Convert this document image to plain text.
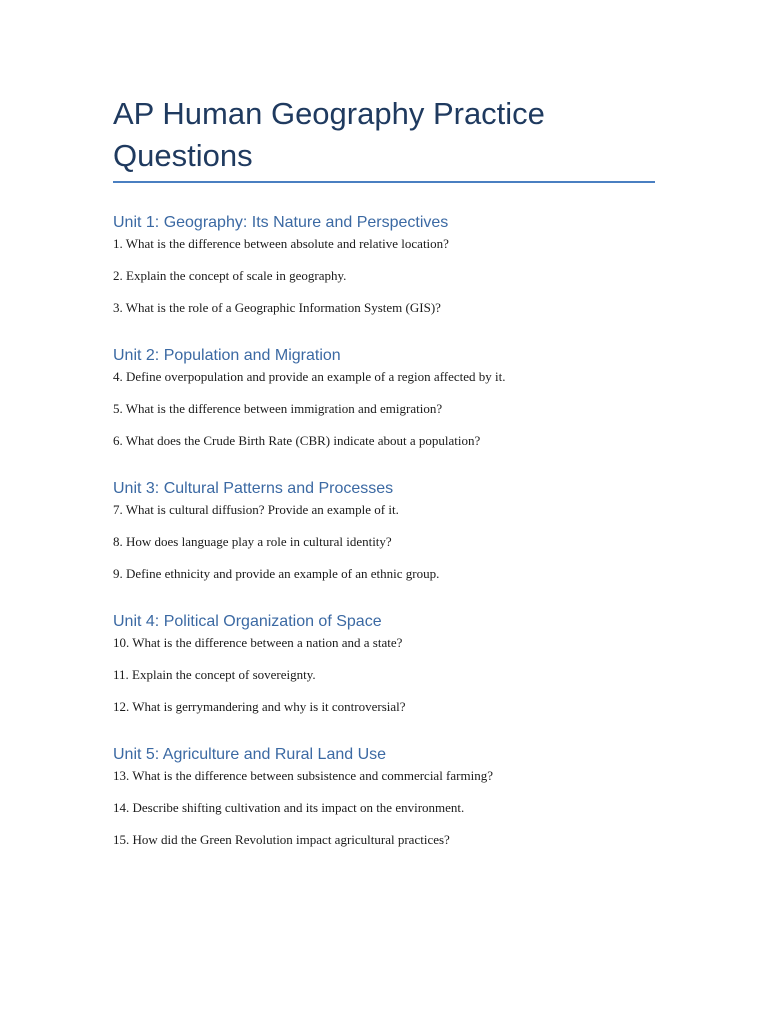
AP Human Geography Practice Questions
Unit 1: Geography: Its Nature and Perspectives

1. What is the difference between absolute and relative location?

2. Explain the concept of scale in geography.

3. What is the role of a Geographic Information System (GIS)?

Unit 2: Population and Migration

4. Define overpopulation and provide an example of a region affected by it.

5. What is the difference between immigration and emigration?

6. What does the Crude Birth Rate (CBR) indicate about a population?

Unit 3: Cultural Patterns and Processes

7. What is cultural diffusion? Provide an example of it.

8. How does language play a role in cultural identity?

9. Define ethnicity and provide an example of an ethnic group.

Unit 4: Political Organization of Space

10. What is the difference between a nation and a state?

11. Explain the concept of sovereignty.

12. What is gerrymandering and why is it controversial?

Unit 5: Agriculture and Rural Land Use

13. What is the difference between subsistence and commercial farming?

14. Describe shifting cultivation and its impact on the environment.

15. How did the Green Revolution impact agricultural practices?
